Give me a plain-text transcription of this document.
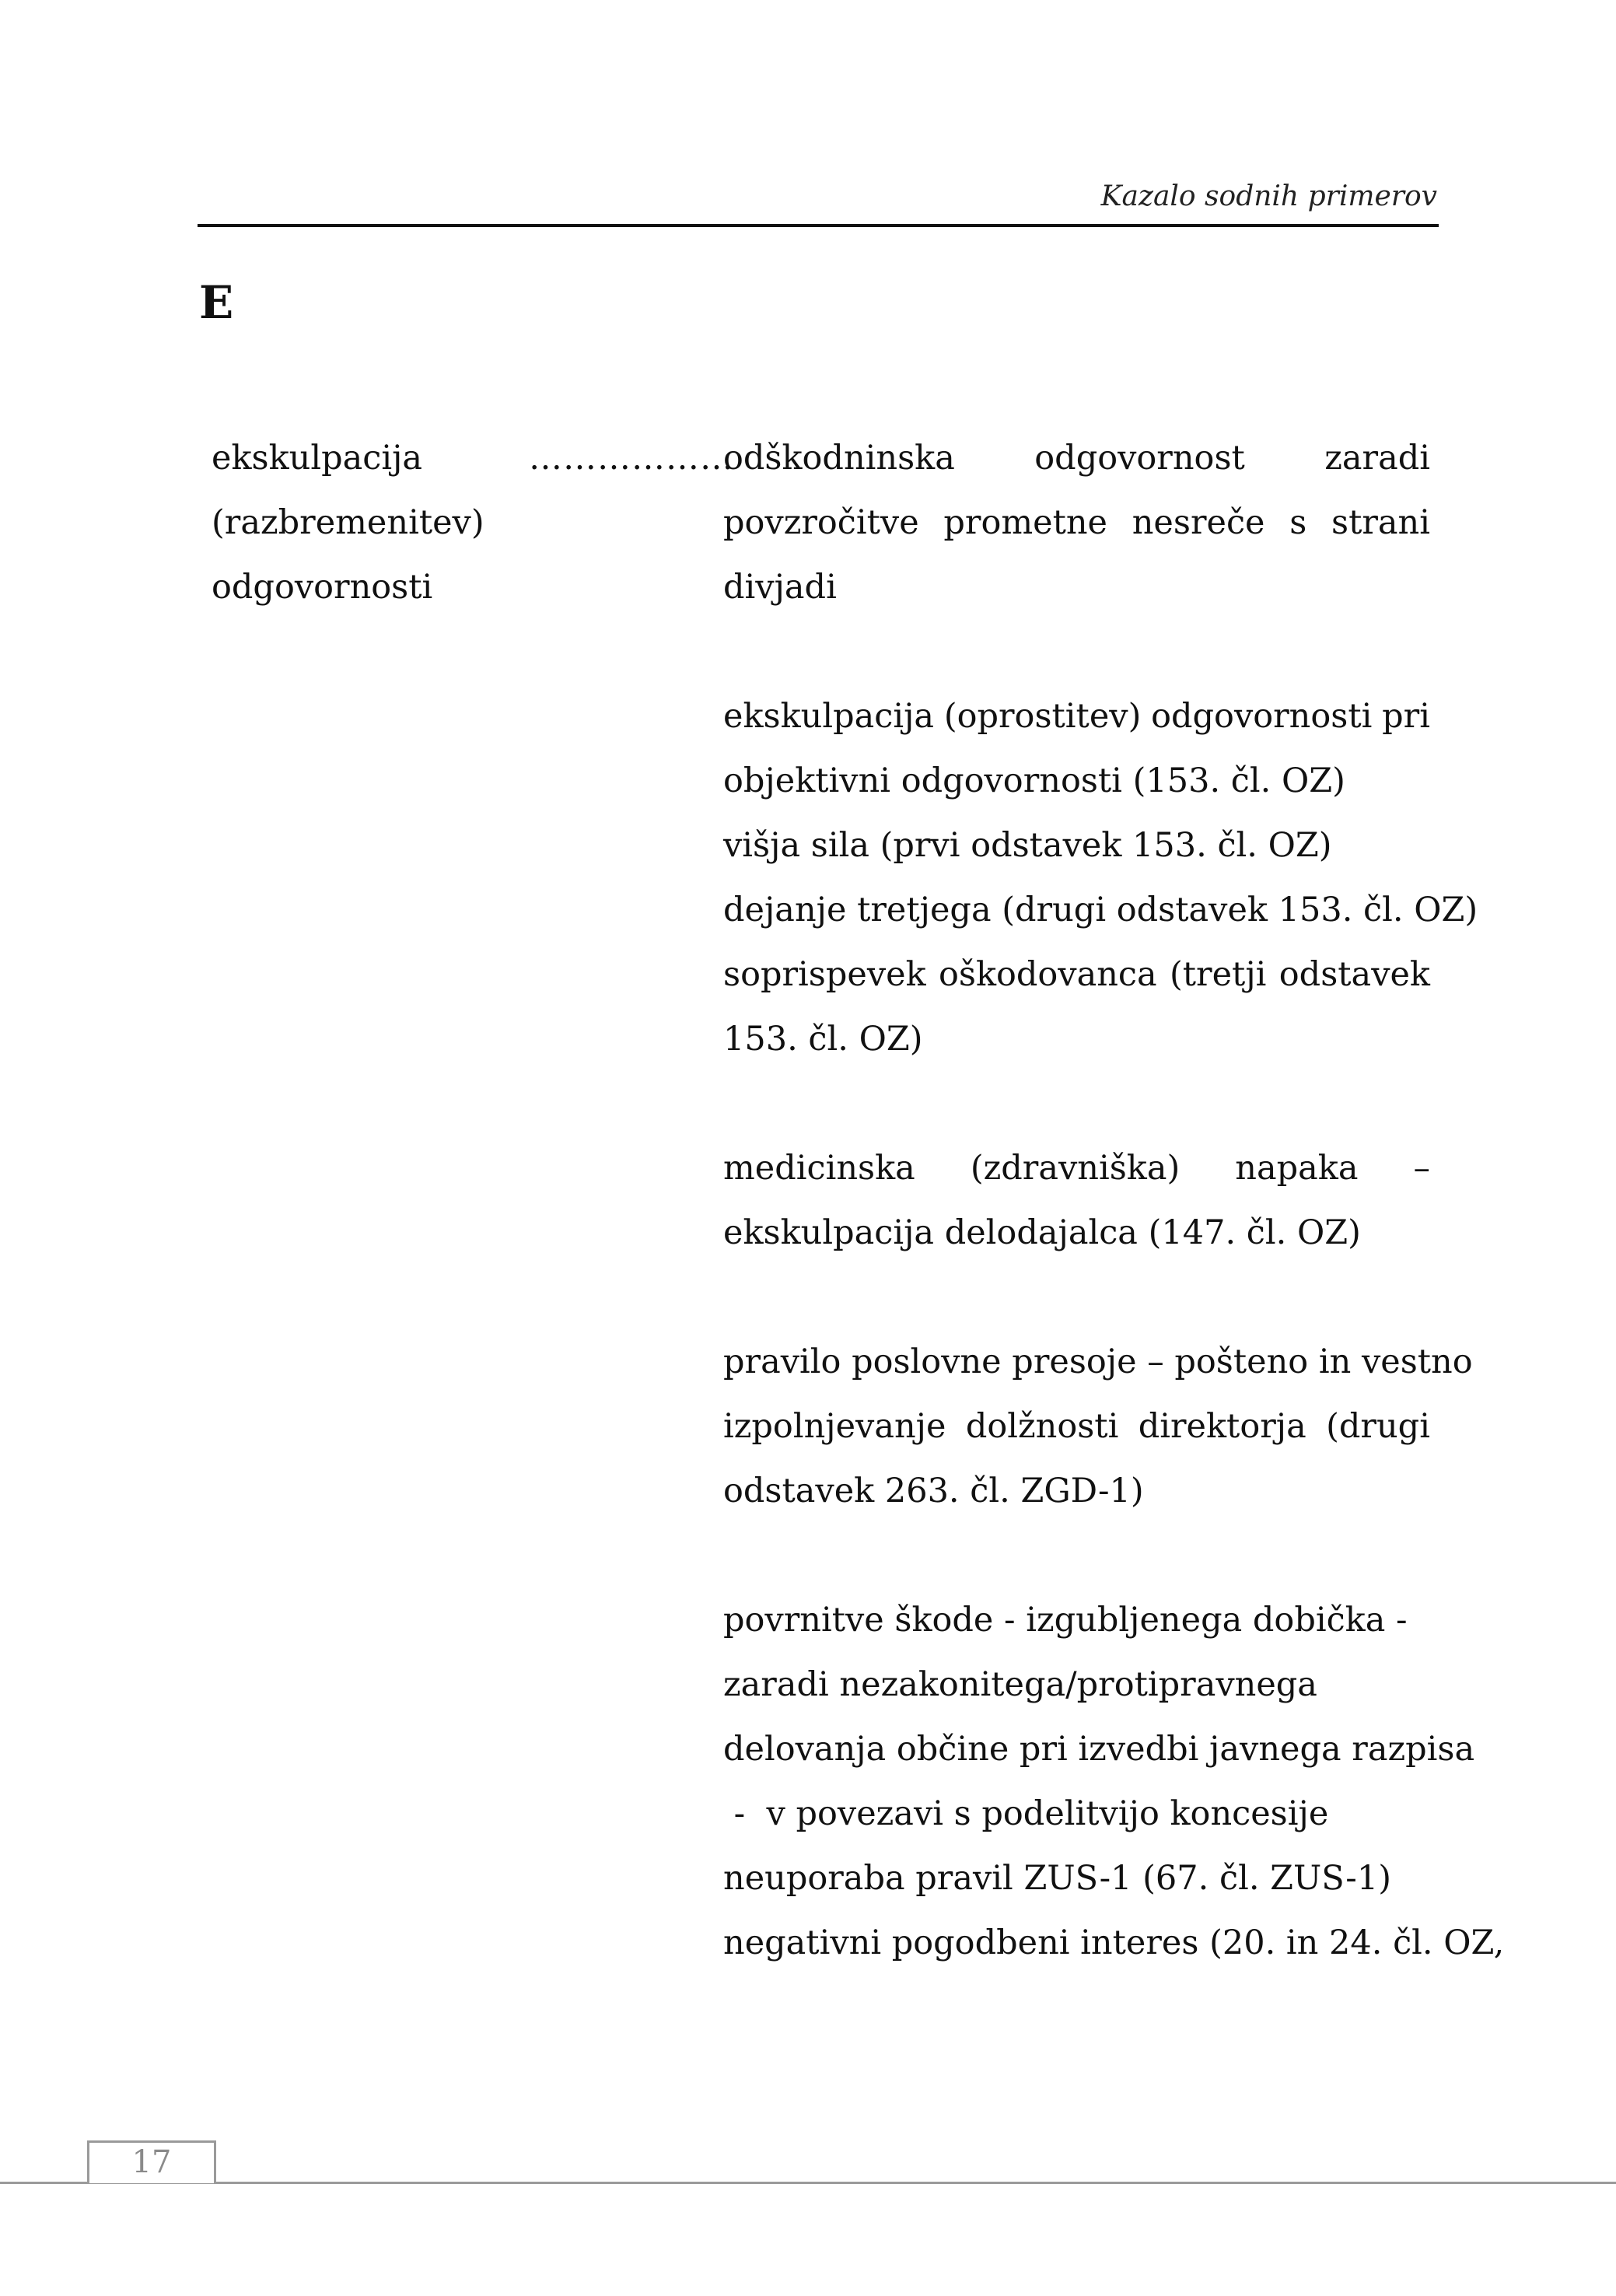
Kazalo sodnih primerov
E
ekskulpacija
(razbremenitev)
odgovornosti
………………
odškodninska odgovornost zaradi
povzročitve prometne nesreče s strani
divjadi
ekskulpacija (oprostitev) odgovornosti pri
objektivni odgovornosti (153. čl. OZ)
višja sila (prvi odstavek 153. čl. OZ)
dejanje tretjega (drugi odstavek 153. čl. OZ)
soprispevek oškodovanca (tretji odstavek
153. čl. OZ)
medicinska (zdravniška) napaka –
ekskulpacija delodajalca (147. čl. OZ)
pravilo poslovne presoje – pošteno in vestno
izpolnjevanje dolžnosti direktorja (drugi
odstavek 263. čl. ZGD-1)
povrnitve škode - izgubljenega dobička -
zaradi nezakonitega/protipravnega
delovanja občine pri izvedbi javnega razpisa
-  v povezavi s podelitvijo koncesije
neuporaba pravil ZUS-1 (67. čl. ZUS-1)
negativni pogodbeni interes (20. in 24. čl. OZ,
17
